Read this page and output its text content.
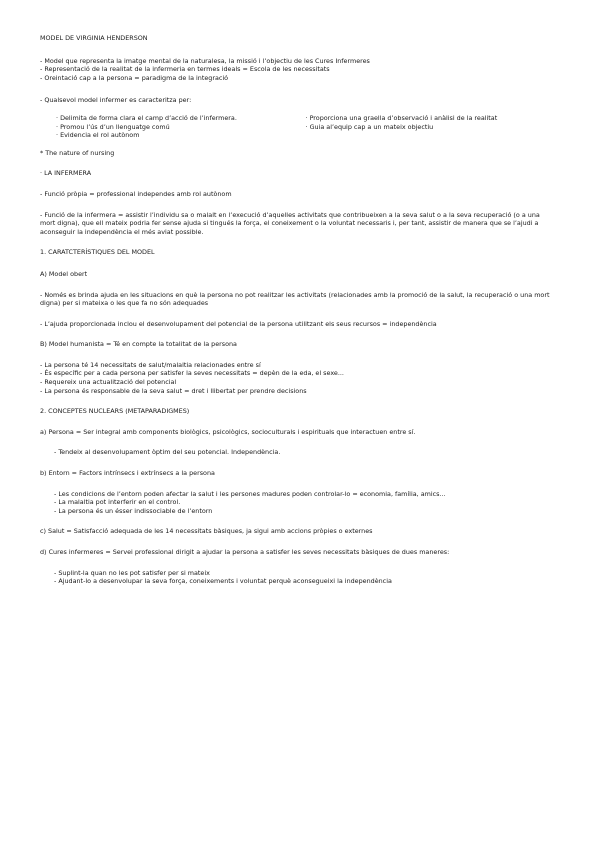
MODEL DE VIRGINIA HENDERSON

- Model que representa la imatge mental de la naturalesa, la missió i l’objectiu de les Cures Infermeres

- Representació de la realitat de la infermeria en termes ideals = Escola de les necessitats

- Oreintació cap a la persona = paradigma de la integració

- Qualsevol model infermer es caracteritza per:

· Delimita de forma clara el camp d’acció de l’infermera.

· Promou l’ús d’un llenguatge comú

· Evidencia el rol autònom

· Proporciona una graella d’observació i anàlisi de la realitat

· Guia al’equip cap a un mateix objectiu

* The nature of nursing

· LA INFERMERA

- Funció pròpia = professional independes amb rol autònom

- Funció de la infermera = assistir l’individu sa o malalt en l’execució d’aquelles activitats que contribueixen a la seva salut o a la seva recuperació (o a una mort digna), que ell mateix podria fer sense ajuda si tingués la força, el coneixement o la voluntat necessaris i, per tant, assistir de manera que se l’ajudi a aconseguir la independència el més aviat possible.

1. CARATCTERÍSTIQUES DEL MODEL

A) Model obert

- Només es brinda ajuda en les situacions en què la persona no pot realitzar les activitats (relacionades amb la promoció de la salut, la recuperació o una mort digna) per si mateixa o les que fa no són adequades

- L’ajuda proporcionada inclou el desenvolupament del potencial de la persona utilitzant els seus recursos = independència

B) Model humanista = Té en compte la totalitat de la persona

- La persona té 14 necessitats de salut/malaltia relacionades entre sí

- És específic per a cada persona per satisfer la seves necessitats = depèn de la eda, el sexe...

- Requereix una actualització del potencial

- La persona és responsable de la seva salut = dret i llibertat per prendre decisions

2. CONCEPTES NUCLEARS (METAPARADIGMES)

a) Persona = Ser integral amb components biològics, psicològics, socioculturals i espirituals que interactuen entre sí.

- Tendeix al desenvolupament òptim del seu potencial. Independència.

b) Entorn = Factors intrínsecs i extrínsecs a la persona

- Les condicions de l’entorn poden afectar la salut i les persones madures poden controlar-lo = economia, família, amics...

- La malaltia pot interferir en el control.

- La persona és un ésser indissociable de l’entorn

c) Salut = Satisfacció adequada de les 14 necessitats bàsiques, ja sigui amb accions pròpies o externes

d) Cures infermeres = Servei professional dirigit a ajudar la persona a satisfer les seves necessitats bàsiques de dues maneres:

- Suplint-la quan no les pot satisfer per si mateix

- Ajudant-lo a desenvolupar la seva força, coneixements i voluntat perquè aconsegueixi la independència
